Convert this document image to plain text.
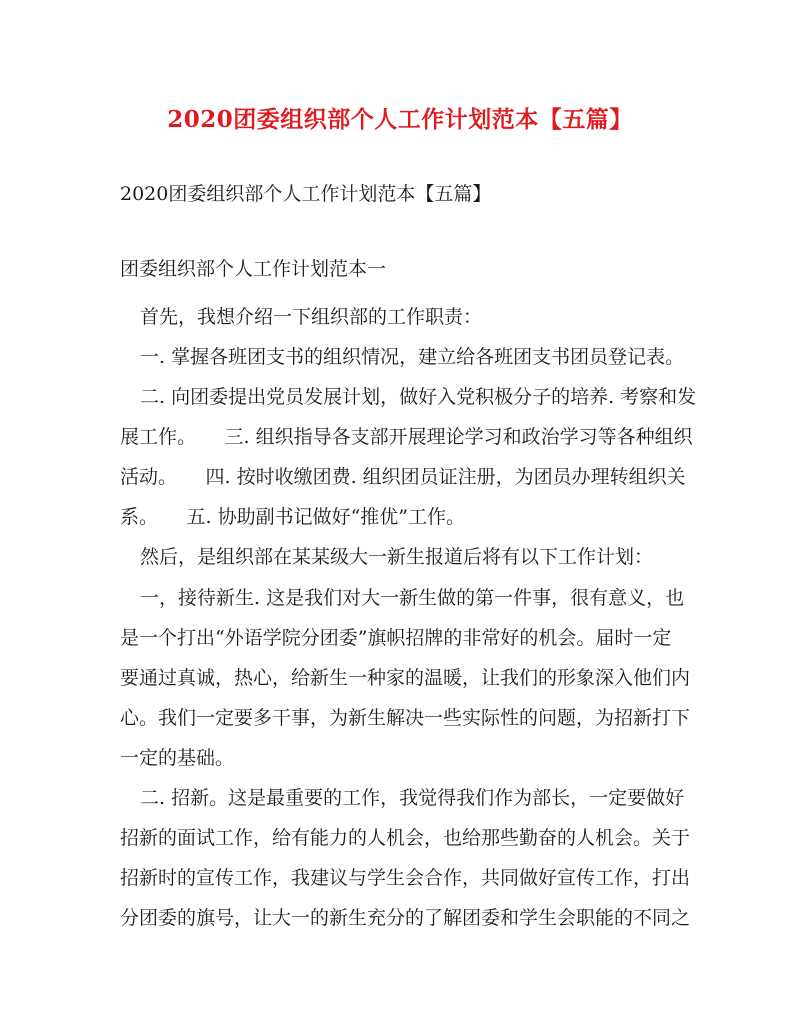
2020团委组织部个人工作计划范本【五篇】
2020团委组织部个人工作计划范本【五篇】
团委组织部个人工作计划范本一
首先，我想介绍一下组织部的工作职责：
一. 掌握各班团支书的组织情况，建立给各班团支书团员登记表。
二. 向团委提出党员发展计划，做好入党积极分子的培养. 考察和发
展工作。　　三. 组织指导各支部开展理论学习和政治学习等各种组织
活动。　　四. 按时收缴团费. 组织团员证注册，为团员办理转组织关
系。　　五. 协助副书记做好“推优”工作。
然后，是组织部在某某级大一新生报道后将有以下工作计划：
一，接待新生. 这是我们对大一新生做的第一件事，很有意义，也
是一个打出“外语学院分团委”旗帜招牌的非常好的机会。届时一定
要通过真诚，热心，给新生一种家的温暖，让我们的形象深入他们内
心。我们一定要多干事，为新生解决一些实际性的问题，为招新打下
一定的基础。
二. 招新。这是最重要的工作，我觉得我们作为部长，一定要做好
招新的面试工作，给有能力的人机会，也给那些勤奋的人机会。关于
招新时的宣传工作，我建议与学生会合作，共同做好宣传工作，打出
分团委的旗号，让大一的新生充分的了解团委和学生会职能的不同之
